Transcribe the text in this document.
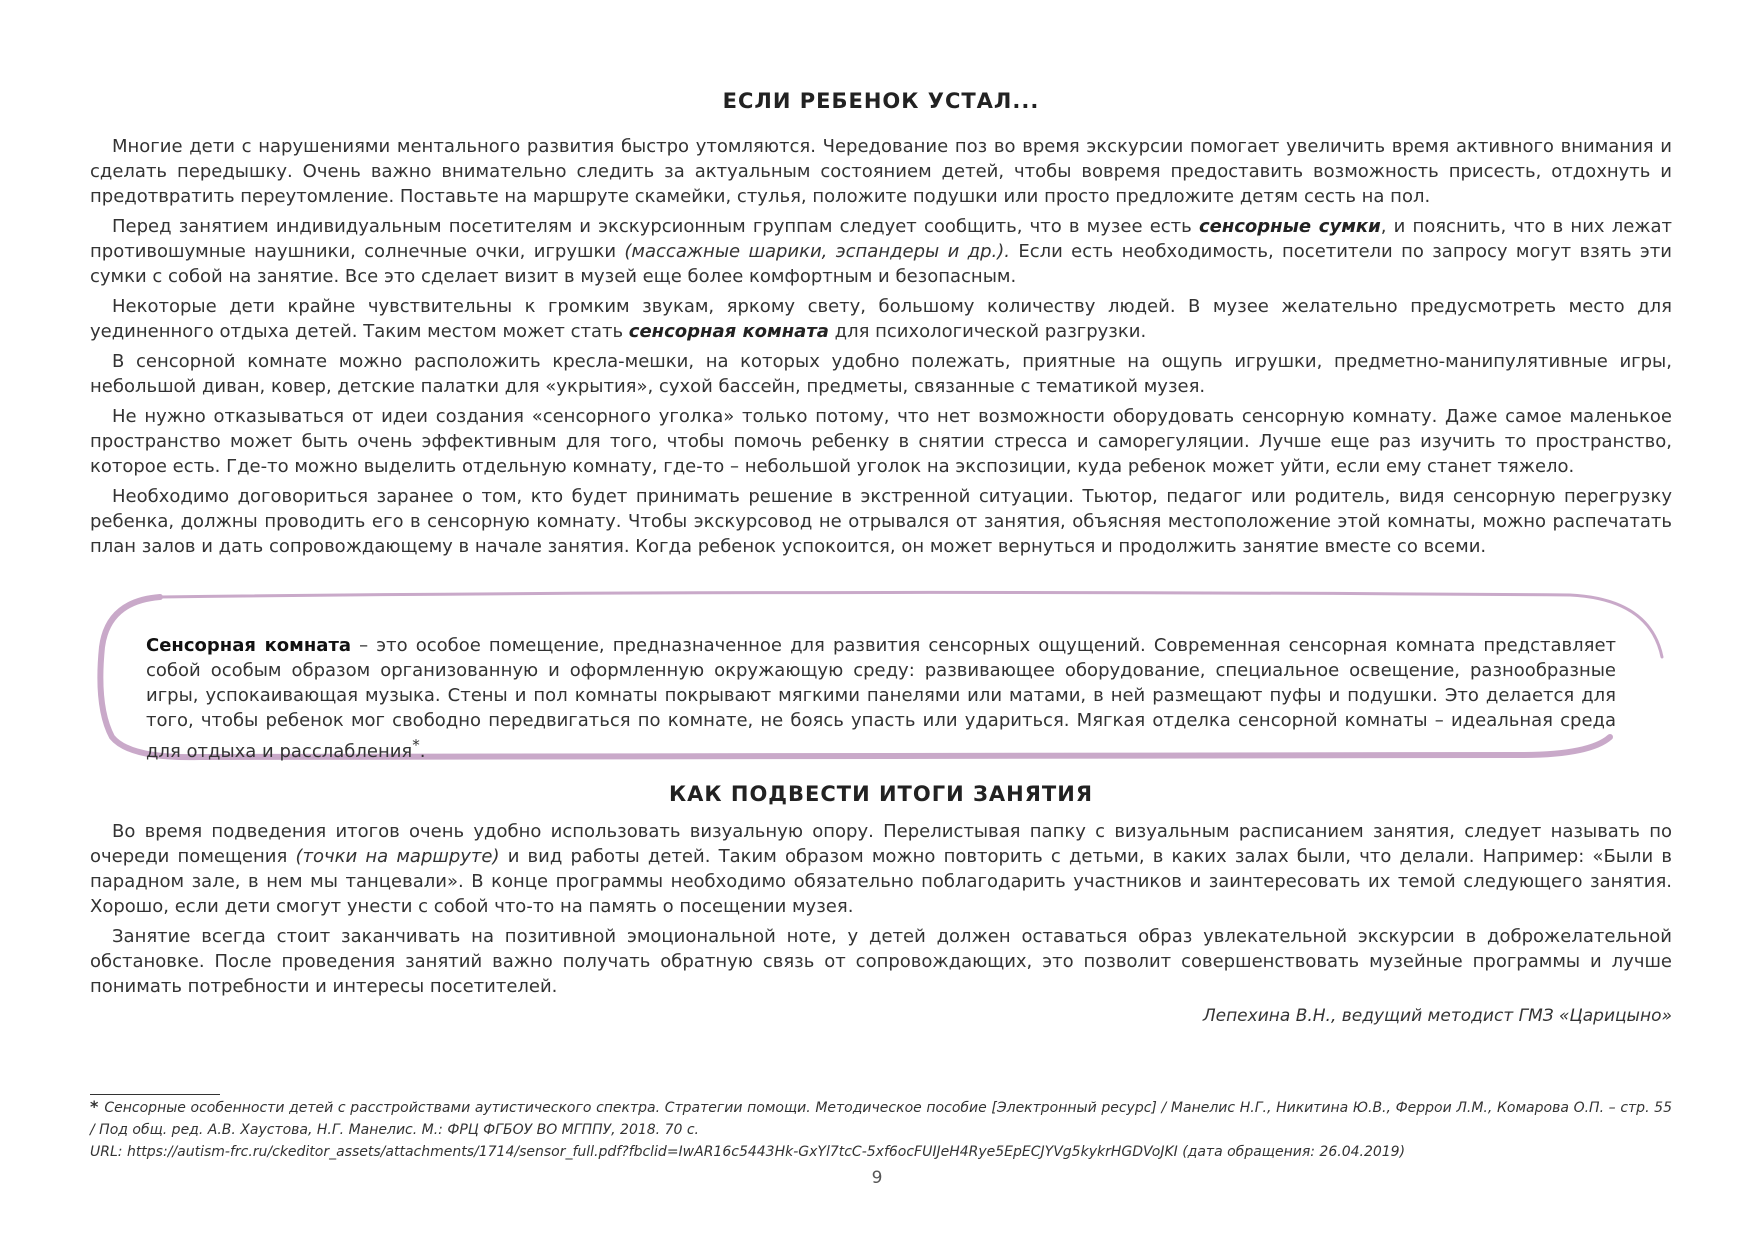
ЕСЛИ РЕБЕНОК УСТАЛ...

Многие дети с нарушениями ментального развития быстро утомляются. Чередование поз во время экскурсии помогает увеличить время активного внимания и сделать передышку. Очень важно внимательно следить за актуальным состоянием детей, чтобы вовремя предоставить возможность присесть, отдохнуть и предотвратить переутомление. Поставьте на маршруте скамейки, стулья, положите подушки или просто предложите детям сесть на пол.

Перед занятием индивидуальным посетителям и экскурсионным группам следует сообщить, что в музее есть сенсорные сумки, и пояснить, что в них лежат противошумные наушники, солнечные очки, игрушки (массажные шарики, эспандеры и др.). Если есть необходимость, посетители по запросу могут взять эти сумки с собой на занятие. Все это сделает визит в музей еще более комфортным и безопасным.

Некоторые дети крайне чувствительны к громким звукам, яркому свету, большому количеству людей. В музее желательно предусмотреть место для уединенного отдыха детей. Таким местом может стать сенсорная комната для психологической разгрузки.

В сенсорной комнате можно расположить кресла-мешки, на которых удобно полежать, приятные на ощупь игрушки, предметно-манипулятивные игры, небольшой диван, ковер, детские палатки для «укрытия», сухой бассейн, предметы, связанные с тематикой музея.

Не нужно отказываться от идеи создания «сенсорного уголка» только потому, что нет возможности оборудовать сенсорную комнату. Даже самое маленькое пространство может быть очень эффективным для того, чтобы помочь ребенку в снятии стресса и саморегуляции. Лучше еще раз изучить то пространство, которое есть. Где-то можно выделить отдельную комнату, где-то – небольшой уголок на экспозиции, куда ребенок может уйти, если ему станет тяжело.

Необходимо договориться заранее о том, кто будет принимать решение в экстренной ситуации. Тьютор, педагог или родитель, видя сенсорную перегрузку ребенка, должны проводить его в сенсорную комнату. Чтобы экскурсовод не отрывался от занятия, объясняя местоположение этой комнаты, можно распечатать план залов и дать сопровождающему в начале занятия. Когда ребенок успокоится, он может вернуться и продолжить занятие вместе со всеми.

Сенсорная комната – это особое помещение, предназначенное для развития сенсорных ощущений. Современная сенсорная комната представляет собой особым образом организованную и оформленную окружающую среду: развивающее оборудование, специальное освещение, разнообразные игры, успокаивающая музыка. Стены и пол комнаты покрывают мягкими панелями или матами, в ней размещают пуфы и подушки. Это делается для того, чтобы ребенок мог свободно передвигаться по комнате, не боясь упасть или удариться. Мягкая отделка сенсорной комнаты – идеальная среда для отдыха и расслабления*.
КАК ПОДВЕСТИ ИТОГИ ЗАНЯТИЯ

Во время подведения итогов очень удобно использовать визуальную опору. Перелистывая папку с визуальным расписанием занятия, следует называть по очереди помещения (точки на маршруте) и вид работы детей. Таким образом можно повторить с детьми, в каких залах были, что делали. Например: «Были в парадном зале, в нем мы танцевали». В конце программы необходимо обязательно поблагодарить участников и заинтересовать их темой следующего занятия. Хорошо, если дети смогут унести с собой что-то на память о посещении музея.

Занятие всегда стоит заканчивать на позитивной эмоциональной ноте, у детей должен оставаться образ увлекательной экскурсии в доброжелательной обстановке. После проведения занятий важно получать обратную связь от сопровождающих, это позволит совершенствовать музейные программы и лучше понимать потребности и интересы посетителей.

Лепехина В.Н., ведущий методист ГМЗ «Царицыно»
* Сенсорные особенности детей с расстройствами аутистического спектра. Стратегии помощи. Методическое пособие [Электронный ресурс] / Манелис Н.Г., Никитина Ю.В., Феррои Л.М., Комарова О.П. – стр. 55 / Под общ. ред. А.В. Хаустова, Н.Г. Манелис. М.: ФРЦ ФГБОУ ВО МГППУ, 2018. 70 с.
URL: https://autism-frc.ru/ckeditor_assets/attachments/1714/sensor_full.pdf?fbclid=IwAR16c5443Hk-GxYl7tcC-5xf6ocFUIJeH4Rye5EpECJYVg5kykrHGDVoJKI (дата обращения: 26.04.2019)
9
